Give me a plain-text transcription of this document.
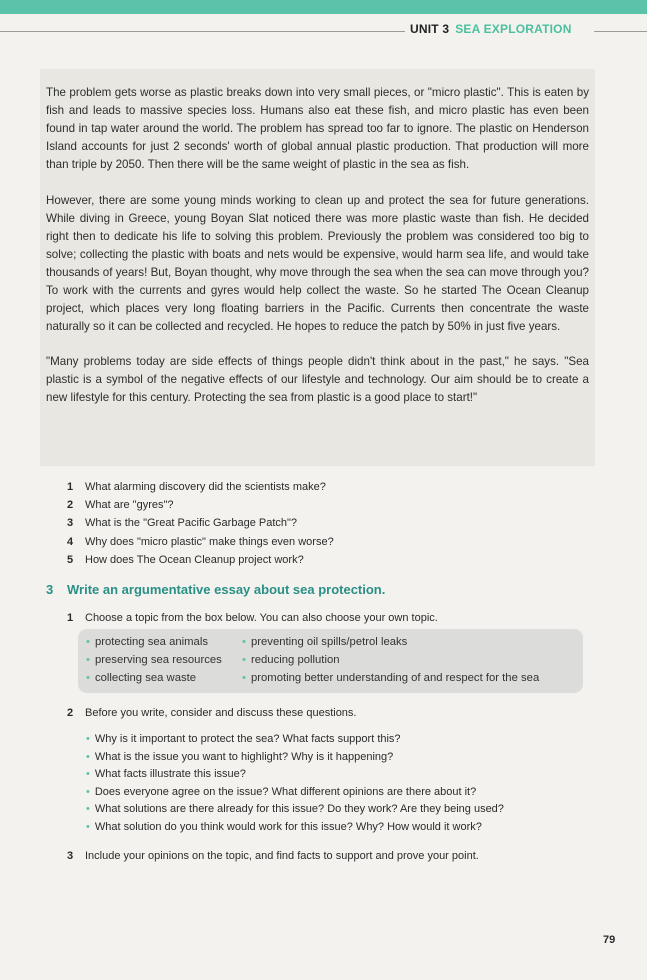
UNIT 3 SEA EXPLORATION

The problem gets worse as plastic breaks down into very small pieces, or "micro plastic". This is eaten by fish and leads to massive species loss. Humans also eat these fish, and micro plastic has even been found in tap water around the world. The problem has spread too far to ignore. The plastic on Henderson Island accounts for just 2 seconds' worth of global annual plastic production. That production will more than triple by 2050. Then there will be the same weight of plastic in the sea as fish.

However, there are some young minds working to clean up and protect the sea for future generations. While diving in Greece, young Boyan Slat noticed there was more plastic waste than fish. He decided right then to dedicate his life to solving this problem. Previously the problem was considered too big to solve; collecting the plastic with boats and nets would be expensive, would harm sea life, and would take thousands of years! But, Boyan thought, why move through the sea when the sea can move through you? To work with the currents and gyres would help collect the waste. So he started The Ocean Cleanup project, which places very long floating barriers in the Pacific. Currents then concentrate the waste naturally so it can be collected and recycled. He hopes to reduce the patch by 50% in just five years.

"Many problems today are side effects of things people didn't think about in the past," he says. "Sea plastic is a symbol of the negative effects of our lifestyle and technology. Our aim should be to create a new lifestyle for this century. Protecting the sea from plastic is a good place to start!"

1 What alarming discovery did the scientists make?
2 What are "gyres"?
3 What is the "Great Pacific Garbage Patch"?
4 Why does "micro plastic" make things even worse?
5 How does The Ocean Cleanup project work?
3 Write an argumentative essay about sea protection.
1 Choose a topic from the box below. You can also choose your own topic.
• protecting sea animals
• preserving sea resources
• collecting sea waste
• preventing oil spills/petrol leaks
• reducing pollution
• promoting better understanding of and respect for the sea
2 Before you write, consider and discuss these questions.
• Why is it important to protect the sea? What facts support this?
• What is the issue you want to highlight? Why is it happening?
• What facts illustrate this issue?
• Does everyone agree on the issue? What different opinions are there about it?
• What solutions are there already for this issue? Do they work? Are they being used?
• What solution do you think would work for this issue? Why? How would it work?
3 Include your opinions on the topic, and find facts to support and prove your point.
79
